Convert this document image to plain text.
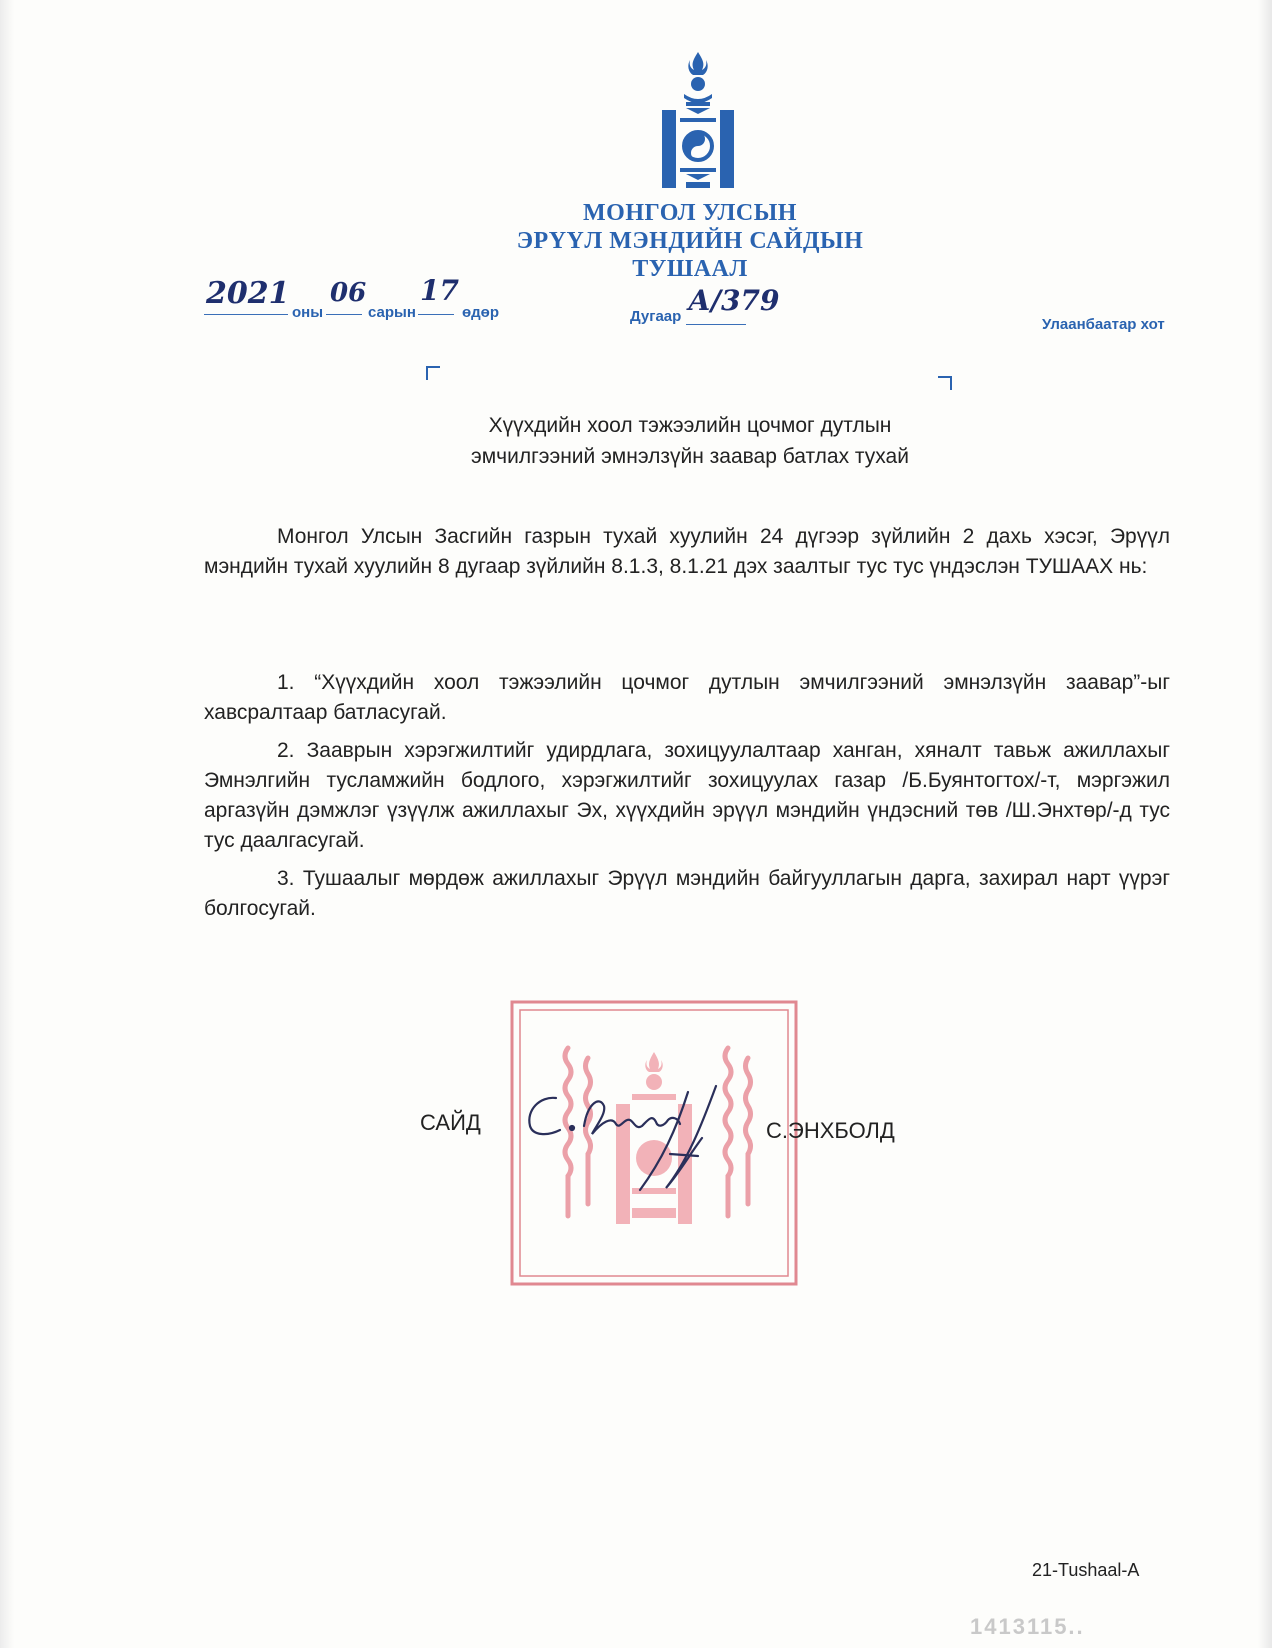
МОНГОЛ УЛСЫН
ЭРҮҮЛ МЭНДИЙН САЙДЫН
ТУШААЛ
2021
оны
06
сарын
17
өдөр	Дугаар А/379
Улаанбаатар хот
Хүүхдийн хоол тэжээлийн цочмог дутлын
эмчилгээний эмнэлзүйн заавар батлах тухай

Монгол Улсын Засгийн газрын тухай хуулийн 24 дүгээр зүйлийн 2 дахь хэсэг, Эрүүл мэндийн тухай хуулийн 8 дугаар зүйлийн 8.1.3, 8.1.21 дэх заалтыг тус тус үндэслэн ТУШААХ нь:

1. “Хүүхдийн хоол тэжээлийн цочмог дутлын эмчилгээний эмнэлзүйн заавар”-ыг хавсралтаар батласугай.

2. Зааврын хэрэгжилтийг удирдлага, зохицуулалтаар ханган, хяналт тавьж ажиллахыг Эмнэлгийн тусламжийн бодлого, хэрэгжилтийг зохицуулах газар /Б.Буянтогтох/-т, мэргэжил аргазүйн дэмжлэг үзүүлж ажиллахыг Эх, хүүхдийн эрүүл мэндийн үндэсний төв /Ш.Энхтөр/-д тус тус даалгасугай.

3. Тушаалыг мөрдөж ажиллахыг Эрүүл мэндийн байгууллагын дарга, захирал нарт үүрэг болгосугай.

САЙД	С.ЭНХБОЛД
21-Tushaal-A
1413115..
